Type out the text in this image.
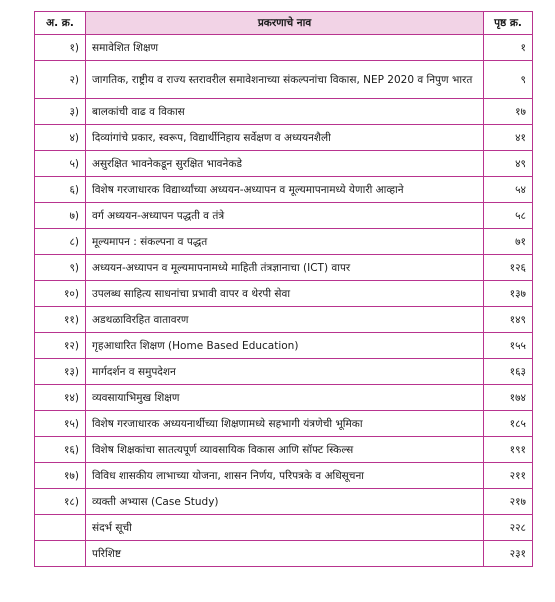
अ. क्र.	प्रकरणाचे नाव	पृष्ठ क्र.
१)	समावेशित शिक्षण	१
२)	जागतिक, राष्ट्रीय व राज्य स्तरावरील समावेशनाच्या संकल्पनांचा विकास, NEP 2020 व निपुण भारत	९
३)	बालकांची वाढ व विकास	१७
४)	दिव्यांगांचे प्रकार, स्वरूप, विद्यार्थीनिहाय सर्वेक्षण व अध्ययनशैली	४१
५)	असुरक्षित भावनेकडून सुरक्षित भावनेकडे	४९
६)	विशेष गरजाधारक विद्यार्थ्यांच्या अध्ययन-अध्यापन व मूल्यमापनामध्ये येणारी आव्हाने	५४
७)	वर्ग अध्ययन-अध्यापन पद्धती व तंत्रे	५८
८)	मूल्यमापन : संकल्पना व पद्धत	७१
९)	अध्ययन-अध्यापन व मूल्यमापनामध्ये माहिती तंत्रज्ञानाचा (ICT) वापर	१२६
१०)	उपलब्ध साहित्य साधनांचा प्रभावी वापर व थेरपी सेवा	१३७
११)	अडथळाविरहित वातावरण	१४९
१२)	गृहआधारित शिक्षण (Home Based Education)	१५५
१३)	मार्गदर्शन व समुपदेशन	१६३
१४)	व्यवसायाभिमुख शिक्षण	१७४
१५)	विशेष गरजाधारक अध्ययनार्थीच्या शिक्षणामध्ये सहभागी यंत्रणेची भूमिका	१८५
१६)	विशेष शिक्षकांचा सातत्यपूर्ण व्यावसायिक विकास आणि सॉफ्ट स्किल्स	१९१
१७)	विविध शासकीय लाभाच्या योजना, शासन निर्णय, परिपत्रके व अधिसूचना	२११
१८)	व्यक्ती अभ्यास (Case Study)	२१७
	संदर्भ सूची	२२८
	परिशिष्ट	२३१
